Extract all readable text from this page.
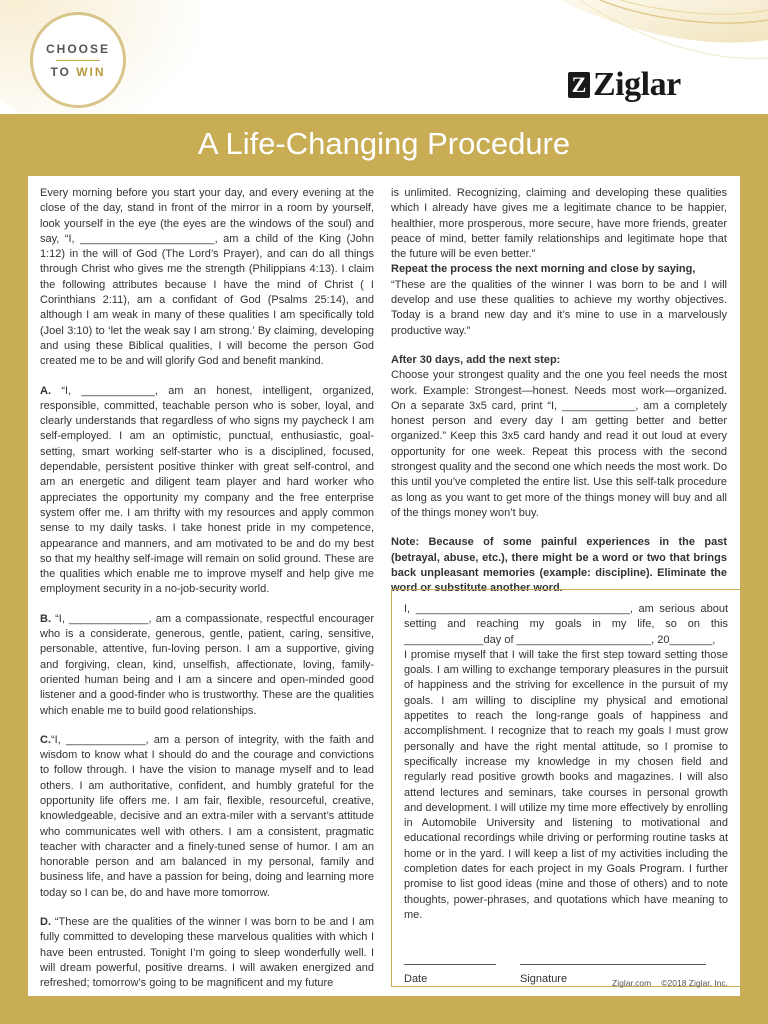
CHOOSE
TO WIN
Z Ziglar
A Life-Changing Procedure

Every morning before you start your day, and every evening at the close of the day, stand in front of the mirror in a room by yourself, look yourself in the eye (the eyes are the windows of the soul) and say, “I, ______________________, am a child of the King (John 1:12) in the will of God (The Lord’s Prayer), and can do all things through Christ who gives me the strength (Philippians 4:13). I claim the following attributes because I have the mind of Christ ( I Corinthians 2:11), am a confidant of God (Psalms 25:14), and although I am weak in many of these qualities I am specifically told (Joel 3:10) to ‘let the weak say I am strong.’ By claiming, developing and using these Biblical qualities, I will become the person God created me to be and will glorify God and benefit mankind.

A. “I, ____________, am an honest, intelligent, organized, responsible, committed, teachable person who is sober, loyal, and clearly understands that regardless of who signs my paycheck I am self-employed. I am an optimistic, punctual, enthusiastic, goal-setting, smart working self-starter who is a disciplined, focused, dependable, persistent positive thinker with great self-control, and am an energetic and diligent team player and hard worker who appreciates the opportunity my company and the free enterprise system offer me. I am thrifty with my resources and apply common sense to my daily tasks. I take honest pride in my competence, appearance and manners, and am motivated to be and do my best so that my healthy self-image will remain on solid ground. These are the qualities which enable me to improve myself and help give me employment security in a no-job-security world.

B. “I, _____________, am a compassionate, respectful encourager who is a considerate, generous, gentle, patient, caring, sensitive, personable, attentive, fun-loving person. I am a supportive, giving and forgiving, clean, kind, unselfish, affectionate, loving, family-oriented human being and I am a sincere and open-minded good listener and a good-finder who is trustworthy. These are the qualities which enable me to build good relationships.

C.“I, _____________, am a person of integrity, with the faith and wisdom to know what I should do and the courage and convictions to follow through. I have the vision to manage myself and to lead others. I am authoritative, confident, and humbly grateful for the opportunity life offers me. I am fair, flexible, resourceful, creative, knowledgeable, decisive and an extra-miler with a servant’s attitude who communicates well with others. I am a consistent, pragmatic teacher with character and a finely-tuned sense of humor. I am an honorable person and am balanced in my personal, family and business life, and have a passion for being, doing and learning more today so I can be, do and have more tomorrow.

D. “These are the qualities of the winner I was born to be and I am fully committed to developing these marvelous qualities with which I have been entrusted. Tonight I’m going to sleep wonderfully well. I will dream powerful, positive dreams. I will awaken energized and refreshed; tomorrow’s going to be magnificent and my future

is unlimited. Recognizing, claiming and developing these qualities which I already have gives me a legitimate chance to be happier, healthier, more prosperous, more secure, have more friends, greater peace of mind, better family relationships and legitimate hope that the future will be even better.”

Repeat the process the next morning and close by saying,

“These are the qualities of the winner I was born to be and I will develop and use these qualities to achieve my worthy objectives. Today is a brand new day and it’s mine to use in a marvelously productive way.”

After 30 days, add the next step:

Choose your strongest quality and the one you feel needs the most work. Example: Strongest—honest. Needs most work—organized. On a separate 3x5 card, print “I, ____________, am a completely honest person and every day I am getting better and better organized.” Keep this 3x5 card handy and read it out loud at every opportunity for one week. Repeat this process with the second strongest quality and the second one which needs the most work. Do this until you’ve completed the entire list. Use this self-talk procedure as long as you want to get more of the things money will buy and all of the things money won’t buy.

Note: Because of some painful experiences in the past (betrayal, abuse, etc.), there might be a word or two that brings back unpleasant memories (example: discipline). Eliminate the word or substitute another word.

I, ___________________________________, am serious about setting and reaching my goals in my life, so on this _____________day of ______________________, 20_______,

I promise myself that I will take the first step toward setting those goals. I am willing to exchange temporary pleasures in the pursuit of happiness and the striving for excellence in the pursuit of my goals. I am willing to discipline my physical and emotional appetites to reach the long-range goals of happiness and accomplishment. I recognize that to reach my goals I must grow personally and have the right mental attitude, so I promise to specifically increase my knowledge in my chosen field and regularly read positive growth books and magazines. I will also attend lectures and seminars, take courses in personal growth and development. I will utilize my time more effectively by enrolling in Automobile University and listening to motivational and educational recordings while driving or performing routine tasks at home or in the yard. I will keep a list of my activities including the completion dates for each project in my Goals Program. I further promise to list good ideas (mine and those of others) and to note thoughts, power-phrases, and quotations which have meaning to me.

Date	Signature	Ziglar.com ©2018 Ziglar, Inc.
